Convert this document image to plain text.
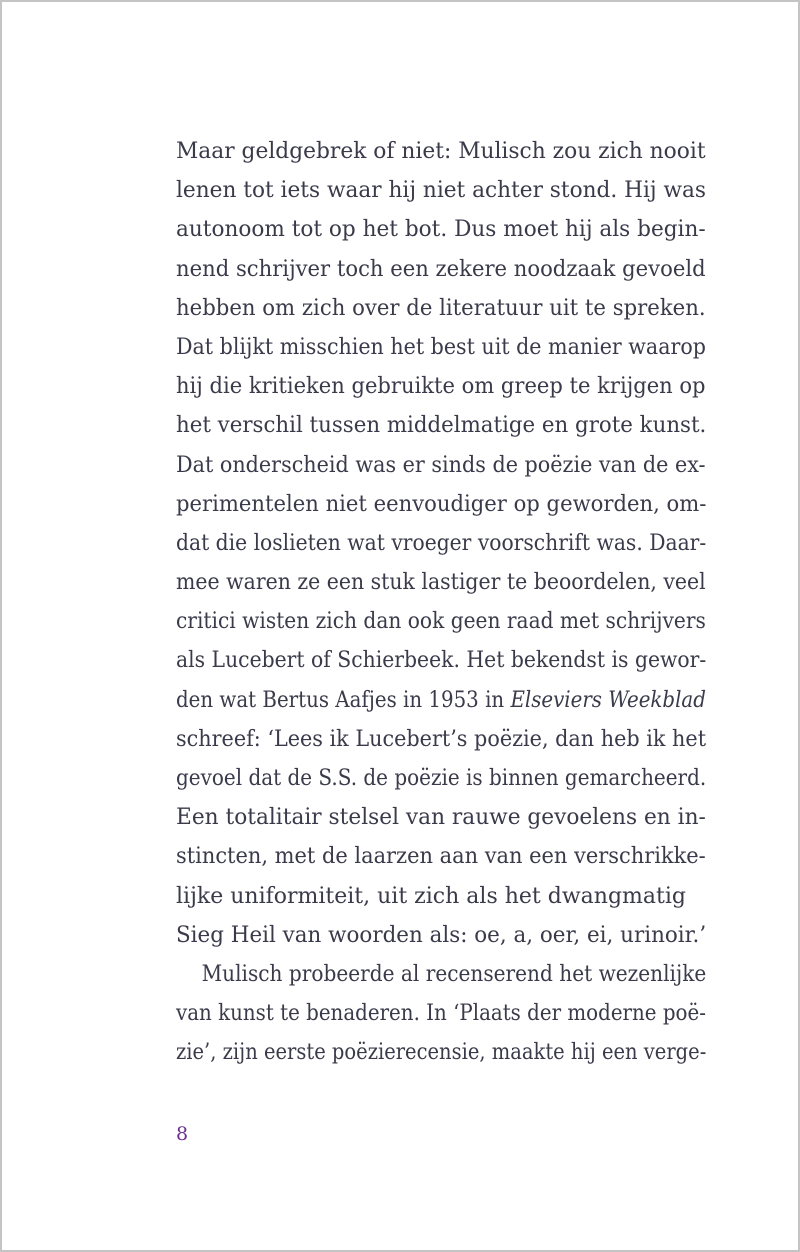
Maar geldgebrek of niet: Mulisch zou zich nooit
lenen tot iets waar hij niet achter stond. Hij was
autonoom tot op het bot. Dus moet hij als begin-
nend schrijver toch een zekere noodzaak gevoeld
hebben om zich over de literatuur uit te spreken.
Dat blijkt misschien het best uit de manier waarop
hij die kritieken gebruikte om greep te krijgen op
het verschil tussen middelmatige en grote kunst.
Dat onderscheid was er sinds de poëzie van de ex-
perimentelen niet eenvoudiger op geworden, om-
dat die loslieten wat vroeger voorschrift was. Daar-
mee waren ze een stuk lastiger te beoordelen, veel
critici wisten zich dan ook geen raad met schrijvers
als Lucebert of Schierbeek. Het bekendst is gewor-
den wat Bertus Aafjes in 1953 in Elseviers Weekblad
schreef: ‘Lees ik Lucebert’s poëzie, dan heb ik het
gevoel dat de S.S. de poëzie is binnen gemarcheerd.
Een totalitair stelsel van rauwe gevoelens en in-
stincten, met de laarzen aan van een verschrikke-
lijke uniformiteit, uit zich als het dwangmatig
Sieg Heil van woorden als: oe, a, oer, ei, urinoir.’
Mulisch probeerde al recenserend het wezenlijke
van kunst te benaderen. In ‘Plaats der moderne poë-
zie’, zijn eerste poëzierecensie, maakte hij een verge-
8
